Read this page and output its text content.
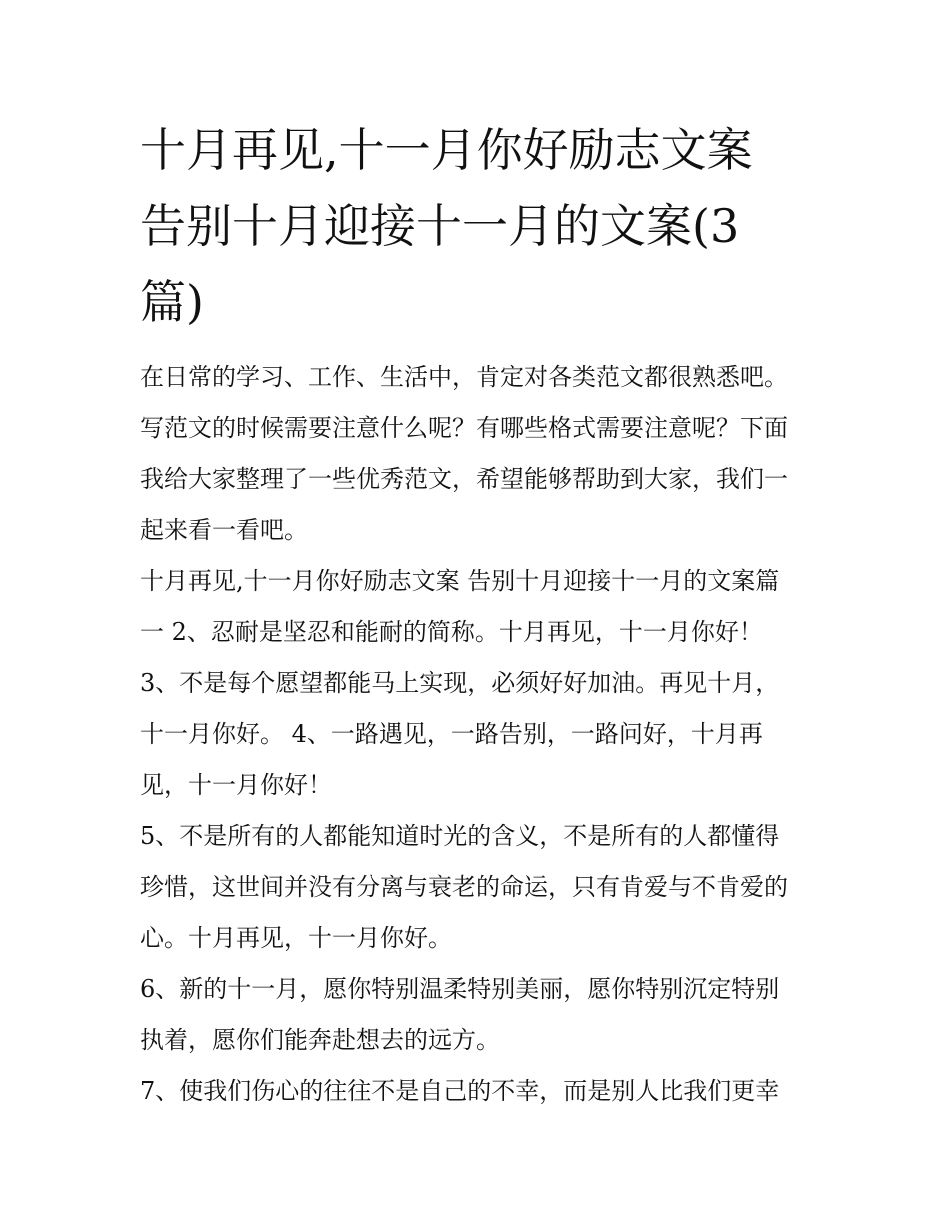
十月再见,十一月你好励志文案
告别十月迎接十一月的文案(3
篇)
在日常的学习、工作、生活中，肯定对各类范文都很熟悉吧。
写范文的时候需要注意什么呢？有哪些格式需要注意呢？下面
我给大家整理了一些优秀范文，希望能够帮助到大家，我们一
起来看一看吧。
十月再见,十一月你好励志文案 告别十月迎接十一月的文案篇
一 2、忍耐是坚忍和能耐的简称。十月再见，十一月你好！
3、不是每个愿望都能马上实现，必须好好加油。再见十月，
十一月你好。 4、一路遇见，一路告别，一路问好，十月再
见，十一月你好！
5、不是所有的人都能知道时光的含义，不是所有的人都懂得
珍惜，这世间并没有分离与衰老的命运，只有肯爱与不肯爱的
心。十月再见，十一月你好。
6、新的十一月，愿你特别温柔特别美丽，愿你特别沉定特别
执着，愿你们能奔赴想去的远方。
7、使我们伤心的往往不是自己的不幸，而是别人比我们更幸
